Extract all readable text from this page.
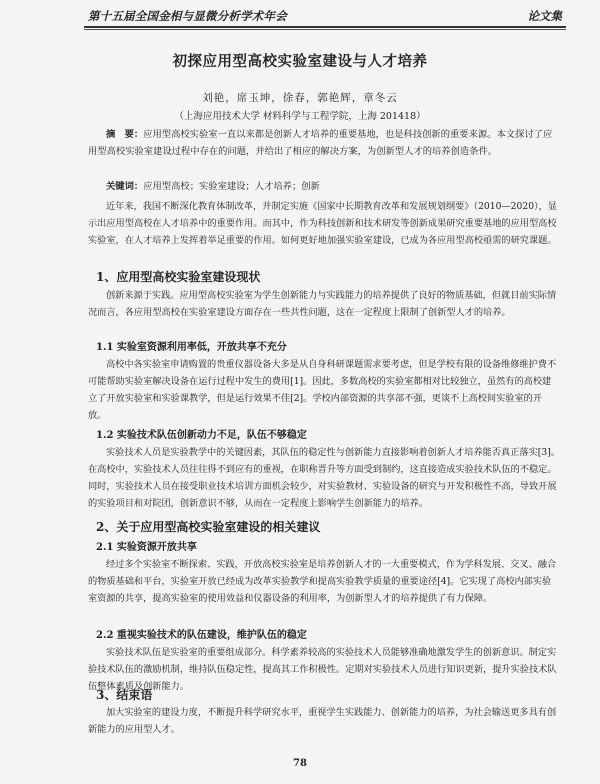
第十五届全国金相与显微分析学术年会	论文集
初探应用型高校实验室建设与人才培养
刘艳，席玉坤，徐春，郭艳辉，章冬云
（上海应用技术大学 材料科学与工程学院，上海 201418）
摘　要：应用型高校实验室一直以来都是创新人才培养的重要基地，也是科技创新的重要来源。本文探讨了应用型高校实验室建设过程中存在的问题，并给出了相应的解决方案，为创新型人才的培养创造条件。
关键词：应用型高校；实验室建设；人才培养；创新
近年来，我国不断深化教育体制改革，并制定实施《国家中长期教育改革和发展规划纲要》（2010—2020），显示出应用型高校在人才培养中的重要作用。而其中，作为科技创新和技术研发等创新成果研究重要基地的应用型高校实验室，在人才培养上发挥着举足重要的作用。如何更好地加强实验室建设，已成为各应用型高校亟需的研究课题。
1、应用型高校实验室建设现状
创新来源于实践。应用型高校实验室为学生创新能力与实践能力的培养提供了良好的物质基础，但就目前实际情况而言，各应用型高校在实验室建设方面存在一些共性问题，这在一定程度上限制了创新型人才的培养。
1.1 实验室资源利用率低，开放共享不充分
高校中各实验室申请购置的贵重仪器设备大多是从自身科研课题需求要考虑，但是学校有限的设备维修维护费不可能帮助实验室解决设备在运行过程中发生的费用[1]。因此，多数高校的实验室都相对比较独立，虽然有的高校建立了开放实验室和实验课教学，但是运行效果不佳[2]。学校内部资源的共享部不强，更谈不上高校间实验室的开放。
1.2 实验技术队伍创新动力不足，队伍不够稳定
实验技术人员是实验教学中的关键因素，其队伍的稳定性与创新能力直接影响着创新人才培养能否真正落实[3]。在高校中，实验技术人员往往得不到应有的重视，在职称晋升等方面受到制约，这直接造成实验技术队伍的不稳定。同时，实验技术人员在接受职业技术培训方面机会较少，对实验教材、实验设备的研究与开发积极性不高，导致开展的实验项目和对院团，创新意识不够，从而在一定程度上影响学生创新能力的培养。
2、关于应用型高校实验室建设的相关建议
2.1 实验资源开放共享
经过多个实验室不断探索、实践，开放高校实验室是培养创新人才的一大重要模式，作为学科发展、交叉、融合的物质基础和平台，实验室开放已经成为改革实验教学和提高实验教学质量的重要途径[4]。它实现了高校内部实验室资源的共享，提高实验室的使用效益和仪器设备的利用率，为创新型人才的培养提供了有力保障。
2.2 重视实验技术的队伍建设，维护队伍的稳定
实验技术队伍是实验室的重要组成部分。科学素养较高的实验技术人员能够准确地激发学生的创新意识。制定实验技术队伍的激励机制，维持队伍稳定性，提高其工作积极性。定期对实验技术人员进行知识更新，提升实验技术队伍整体素质及创新能力。
3、结束语
加大实验室的建设力度，不断提升科学研究水平，重视学生实践能力、创新能力的培养，为社会输送更多具有创新能力的应用型人才。
78
